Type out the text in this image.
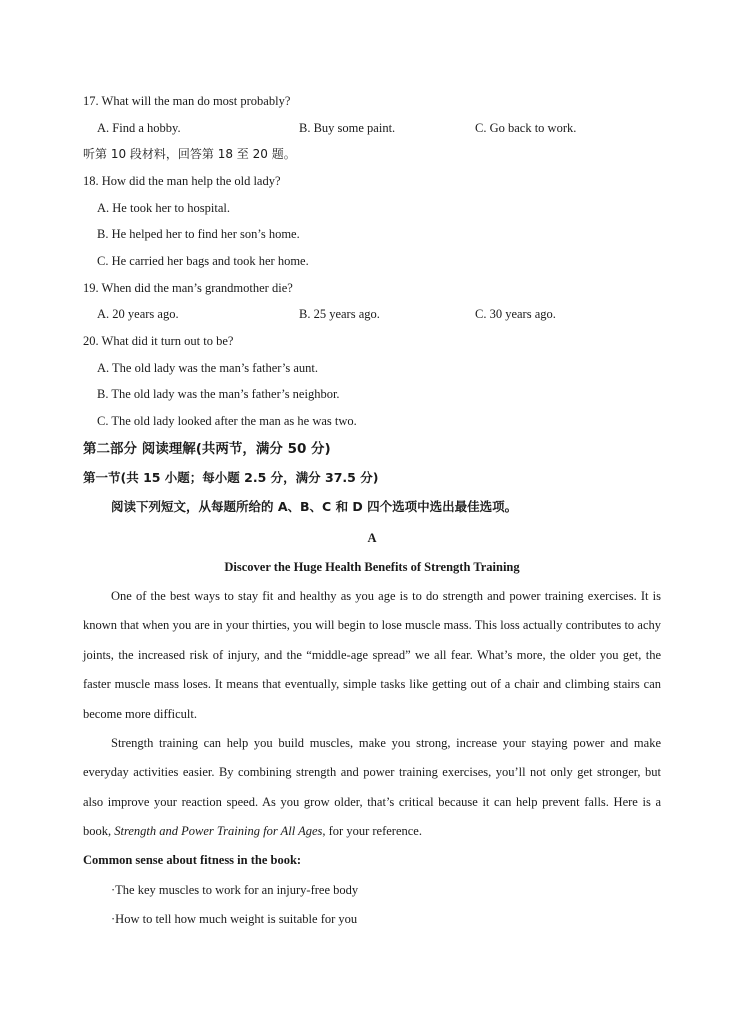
17. What will the man do most probably?
A. Find a hobby.	B. Buy some paint.	C. Go back to work.
听第 10 段材料，回答第 18 至 20 题。
18. How did the man help the old lady?
A. He took her to hospital.
B. He helped her to find her son’s home.
C. He carried her bags and took her home.
19. When did the man’s grandmother die?
A. 20 years ago.	B. 25 years ago.	C. 30 years ago.
20. What did it turn out to be?
A. The old lady was the man’s father’s aunt.
B. The old lady was the man’s father’s neighbor.
C. The old lady looked after the man as he was two.
第二部分 阅读理解(共两节，满分 50 分)
第一节(共 15 小题；每小题 2.5 分，满分 37.5 分)
阅读下列短文，从每题所给的 A、B、C 和 D 四个选项中选出最佳选项。
A
Discover the Huge Health Benefits of Strength Training
One of the best ways to stay fit and healthy as you age is to do strength and power training exercises. It is known that when you are in your thirties, you will begin to lose muscle mass. This loss actually contributes to achy joints, the increased risk of injury, and the “middle-age spread” we all fear. What’s more, the older you get, the faster muscle mass loses. It means that eventually, simple tasks like getting out of a chair and climbing stairs can become more difficult.
Strength training can help you build muscles, make you strong, increase your staying power and make everyday activities easier. By combining strength and power training exercises, you’ll not only get stronger, but also improve your reaction speed. As you grow older, that’s critical because it can help prevent falls. Here is a book, Strength and Power Training for All Ages, for your reference.
Common sense about fitness in the book:
·The key muscles to work for an injury-free body
·How to tell how much weight is suitable for you
